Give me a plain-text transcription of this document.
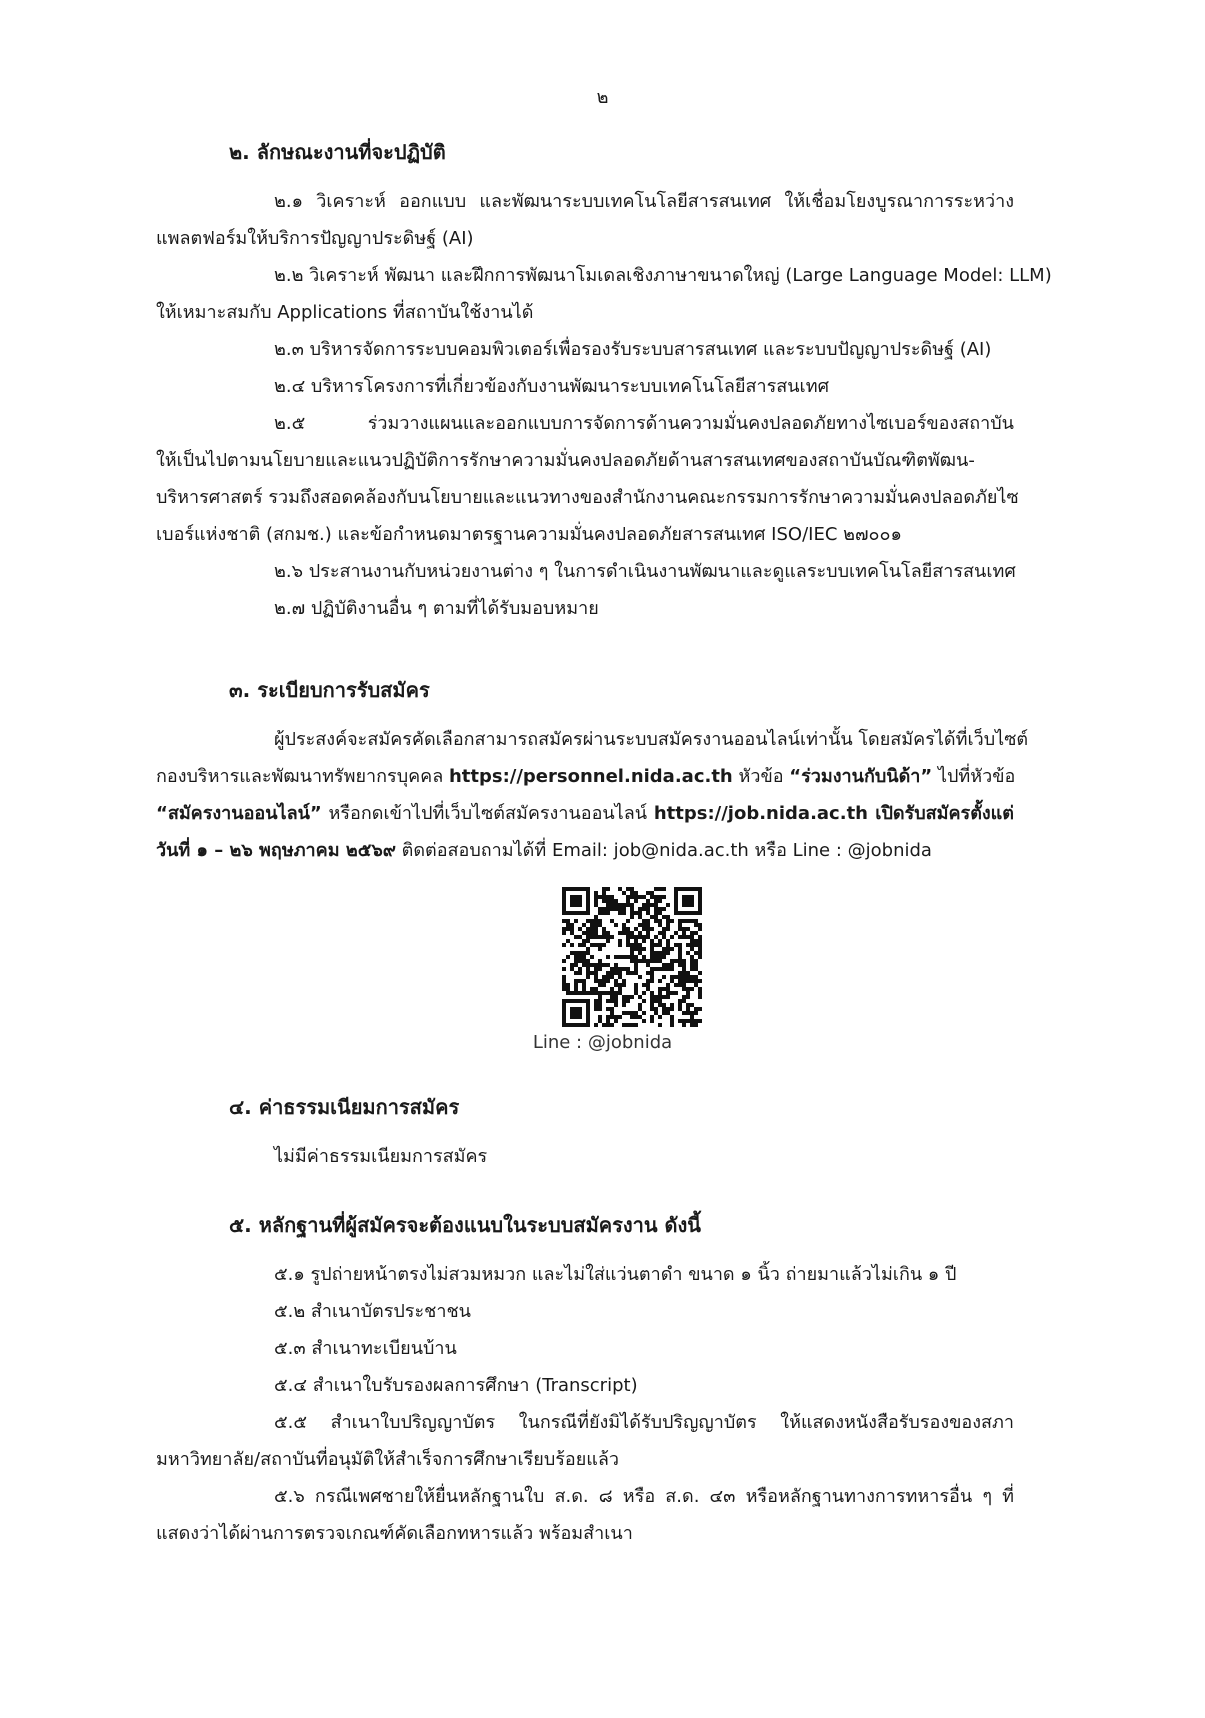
๒
๒. ลักษณะงานที่จะปฏิบัติ
๒.๑ วิเคราะห์ ออกแบบ และพัฒนาระบบเทคโนโลยีสารสนเทศ ให้เชื่อมโยงบูรณาการระหว่าง
แพลตฟอร์มให้บริการปัญญาประดิษฐ์ (AI)
๒.๒ วิเคราะห์ พัฒนา และฝึกการพัฒนาโมเดลเชิงภาษาขนาดใหญ่ (Large Language Model: LLM)
ให้เหมาะสมกับ Applications ที่สถาบันใช้งานได้
๒.๓ บริหารจัดการระบบคอมพิวเตอร์เพื่อรองรับระบบสารสนเทศ และระบบปัญญาประดิษฐ์ (AI)
๒.๔ บริหารโครงการที่เกี่ยวข้องกับงานพัฒนาระบบเทคโนโลยีสารสนเทศ
๒.๕ ร่วมวางแผนและออกแบบการจัดการด้านความมั่นคงปลอดภัยทางไซเบอร์ของสถาบัน
ให้เป็นไปตามนโยบายและแนวปฏิบัติการรักษาความมั่นคงปลอดภัยด้านสารสนเทศของสถาบันบัณฑิตพัฒน-
บริหารศาสตร์ รวมถึงสอดคล้องกับนโยบายและแนวทางของสำนักงานคณะกรรมการรักษาความมั่นคงปลอดภัยไซ
เบอร์แห่งชาติ (สกมช.) และข้อกำหนดมาตรฐานความมั่นคงปลอดภัยสารสนเทศ ISO/IEC ๒๗๐๐๑
๒.๖ ประสานงานกับหน่วยงานต่าง ๆ ในการดำเนินงานพัฒนาและดูแลระบบเทคโนโลยีสารสนเทศ
๒.๗ ปฏิบัติงานอื่น ๆ ตามที่ได้รับมอบหมาย
๓. ระเบียบการรับสมัคร
ผู้ประสงค์จะสมัครคัดเลือกสามารถสมัครผ่านระบบสมัครงานออนไลน์เท่านั้น โดยสมัครได้ที่เว็บไซต์
กองบริหารและพัฒนาทรัพยากรบุคคล https://personnel.nida.ac.th หัวข้อ “ร่วมงานกับนิด้า” ไปที่หัวข้อ
“สมัครงานออนไลน์” หรือกดเข้าไปที่เว็บไซต์สมัครงานออนไลน์ https://job.nida.ac.th เปิดรับสมัครตั้งแต่
วันที่ ๑ – ๒๖ พฤษภาคม ๒๕๖๙ ติดต่อสอบถามได้ที่ Email: job@nida.ac.th หรือ Line : @jobnida
Line : @jobnida
๔. ค่าธรรมเนียมการสมัคร
ไม่มีค่าธรรมเนียมการสมัคร
๕. หลักฐานที่ผู้สมัครจะต้องแนบในระบบสมัครงาน ดังนี้
๕.๑ รูปถ่ายหน้าตรงไม่สวมหมวก และไม่ใส่แว่นตาดำ ขนาด ๑ นิ้ว ถ่ายมาแล้วไม่เกิน ๑ ปี
๕.๒ สำเนาบัตรประชาชน
๕.๓ สำเนาทะเบียนบ้าน
๕.๔ สำเนาใบรับรองผลการศึกษา (Transcript)
๕.๕ สำเนาใบปริญญาบัตร ในกรณีที่ยังมิได้รับปริญญาบัตร ให้แสดงหนังสือรับรองของสภา
มหาวิทยาลัย/สถาบันที่อนุมัติให้สำเร็จการศึกษาเรียบร้อยแล้ว
๕.๖ กรณีเพศชายให้ยื่นหลักฐานใบ ส.ด. ๘ หรือ ส.ด. ๔๓ หรือหลักฐานทางการทหารอื่น ๆ ที่
แสดงว่าได้ผ่านการตรวจเกณฑ์คัดเลือกทหารแล้ว พร้อมสำเนา
